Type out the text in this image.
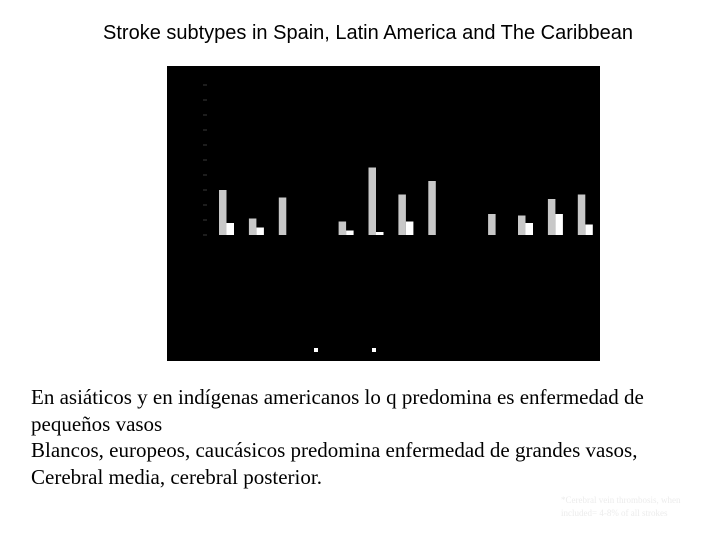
Stroke subtypes in Spain, Latin America and The Caribbean

En asiáticos y en indígenas americanos lo q predomina es enfermedad de pequeños vasos

Blancos, europeos, caucásicos predomina enfermedad de grandes vasos, Cerebral media, cerebral posterior.

*Cerebral vein thrombosis, when included= 4-8% of all strokes
